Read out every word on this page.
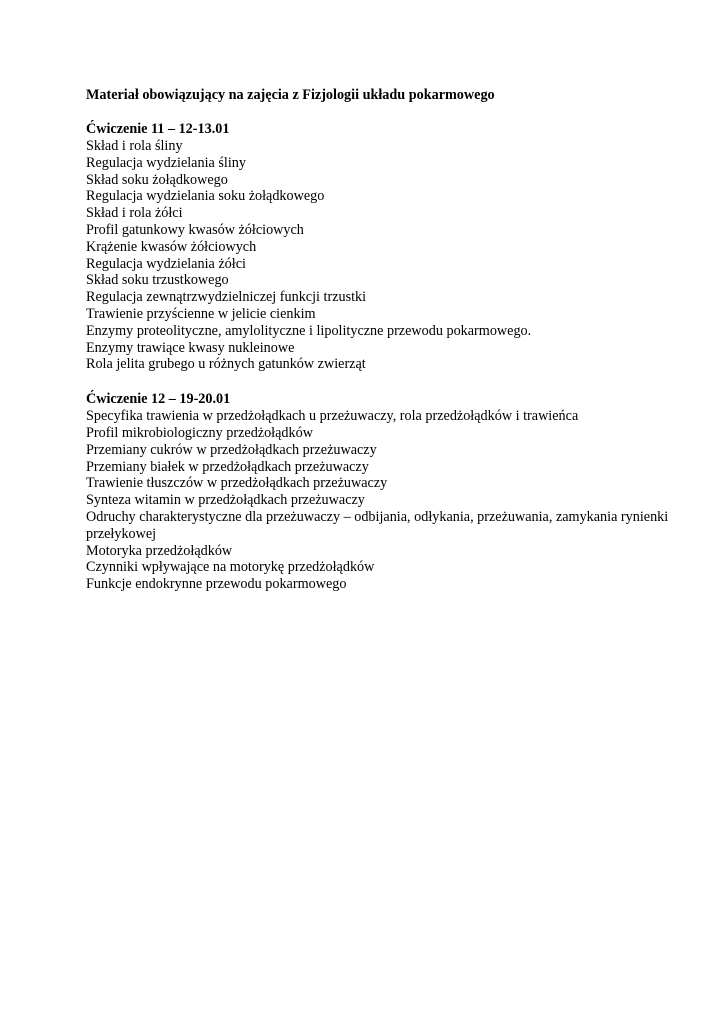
Materiał obowiązujący na zajęcia z Fizjologii układu pokarmowego
Ćwiczenie 11 – 12-13.01
Skład i rola śliny
Regulacja wydzielania śliny
Skład soku żołądkowego
Regulacja wydzielania soku żołądkowego
Skład i rola żółci
Profil gatunkowy kwasów żółciowych
Krążenie kwasów żółciowych
Regulacja wydzielania żółci
Skład soku trzustkowego
Regulacja zewnątrzwydzielniczej funkcji trzustki
Trawienie przyścienne w jelicie cienkim
Enzymy proteolityczne, amylolityczne i lipolityczne przewodu pokarmowego.
Enzymy trawiące kwasy nukleinowe
Rola jelita grubego u różnych gatunków zwierząt
Ćwiczenie 12 – 19-20.01
Specyfika trawienia w przedżołądkach u przeżuwaczy, rola przedżołądków i trawieńca
Profil mikrobiologiczny przedżołądków
Przemiany cukrów w przedżołądkach przeżuwaczy
Przemiany białek w przedżołądkach przeżuwaczy
Trawienie tłuszczów w przedżołądkach przeżuwaczy
Synteza witamin w przedżołądkach przeżuwaczy
Odruchy charakterystyczne dla przeżuwaczy – odbijania, odłykania, przeżuwania, zamykania rynienki przełykowej
Motoryka przedżołądków
Czynniki wpływające na motorykę przedżołądków
Funkcje endokrynne przewodu pokarmowego
